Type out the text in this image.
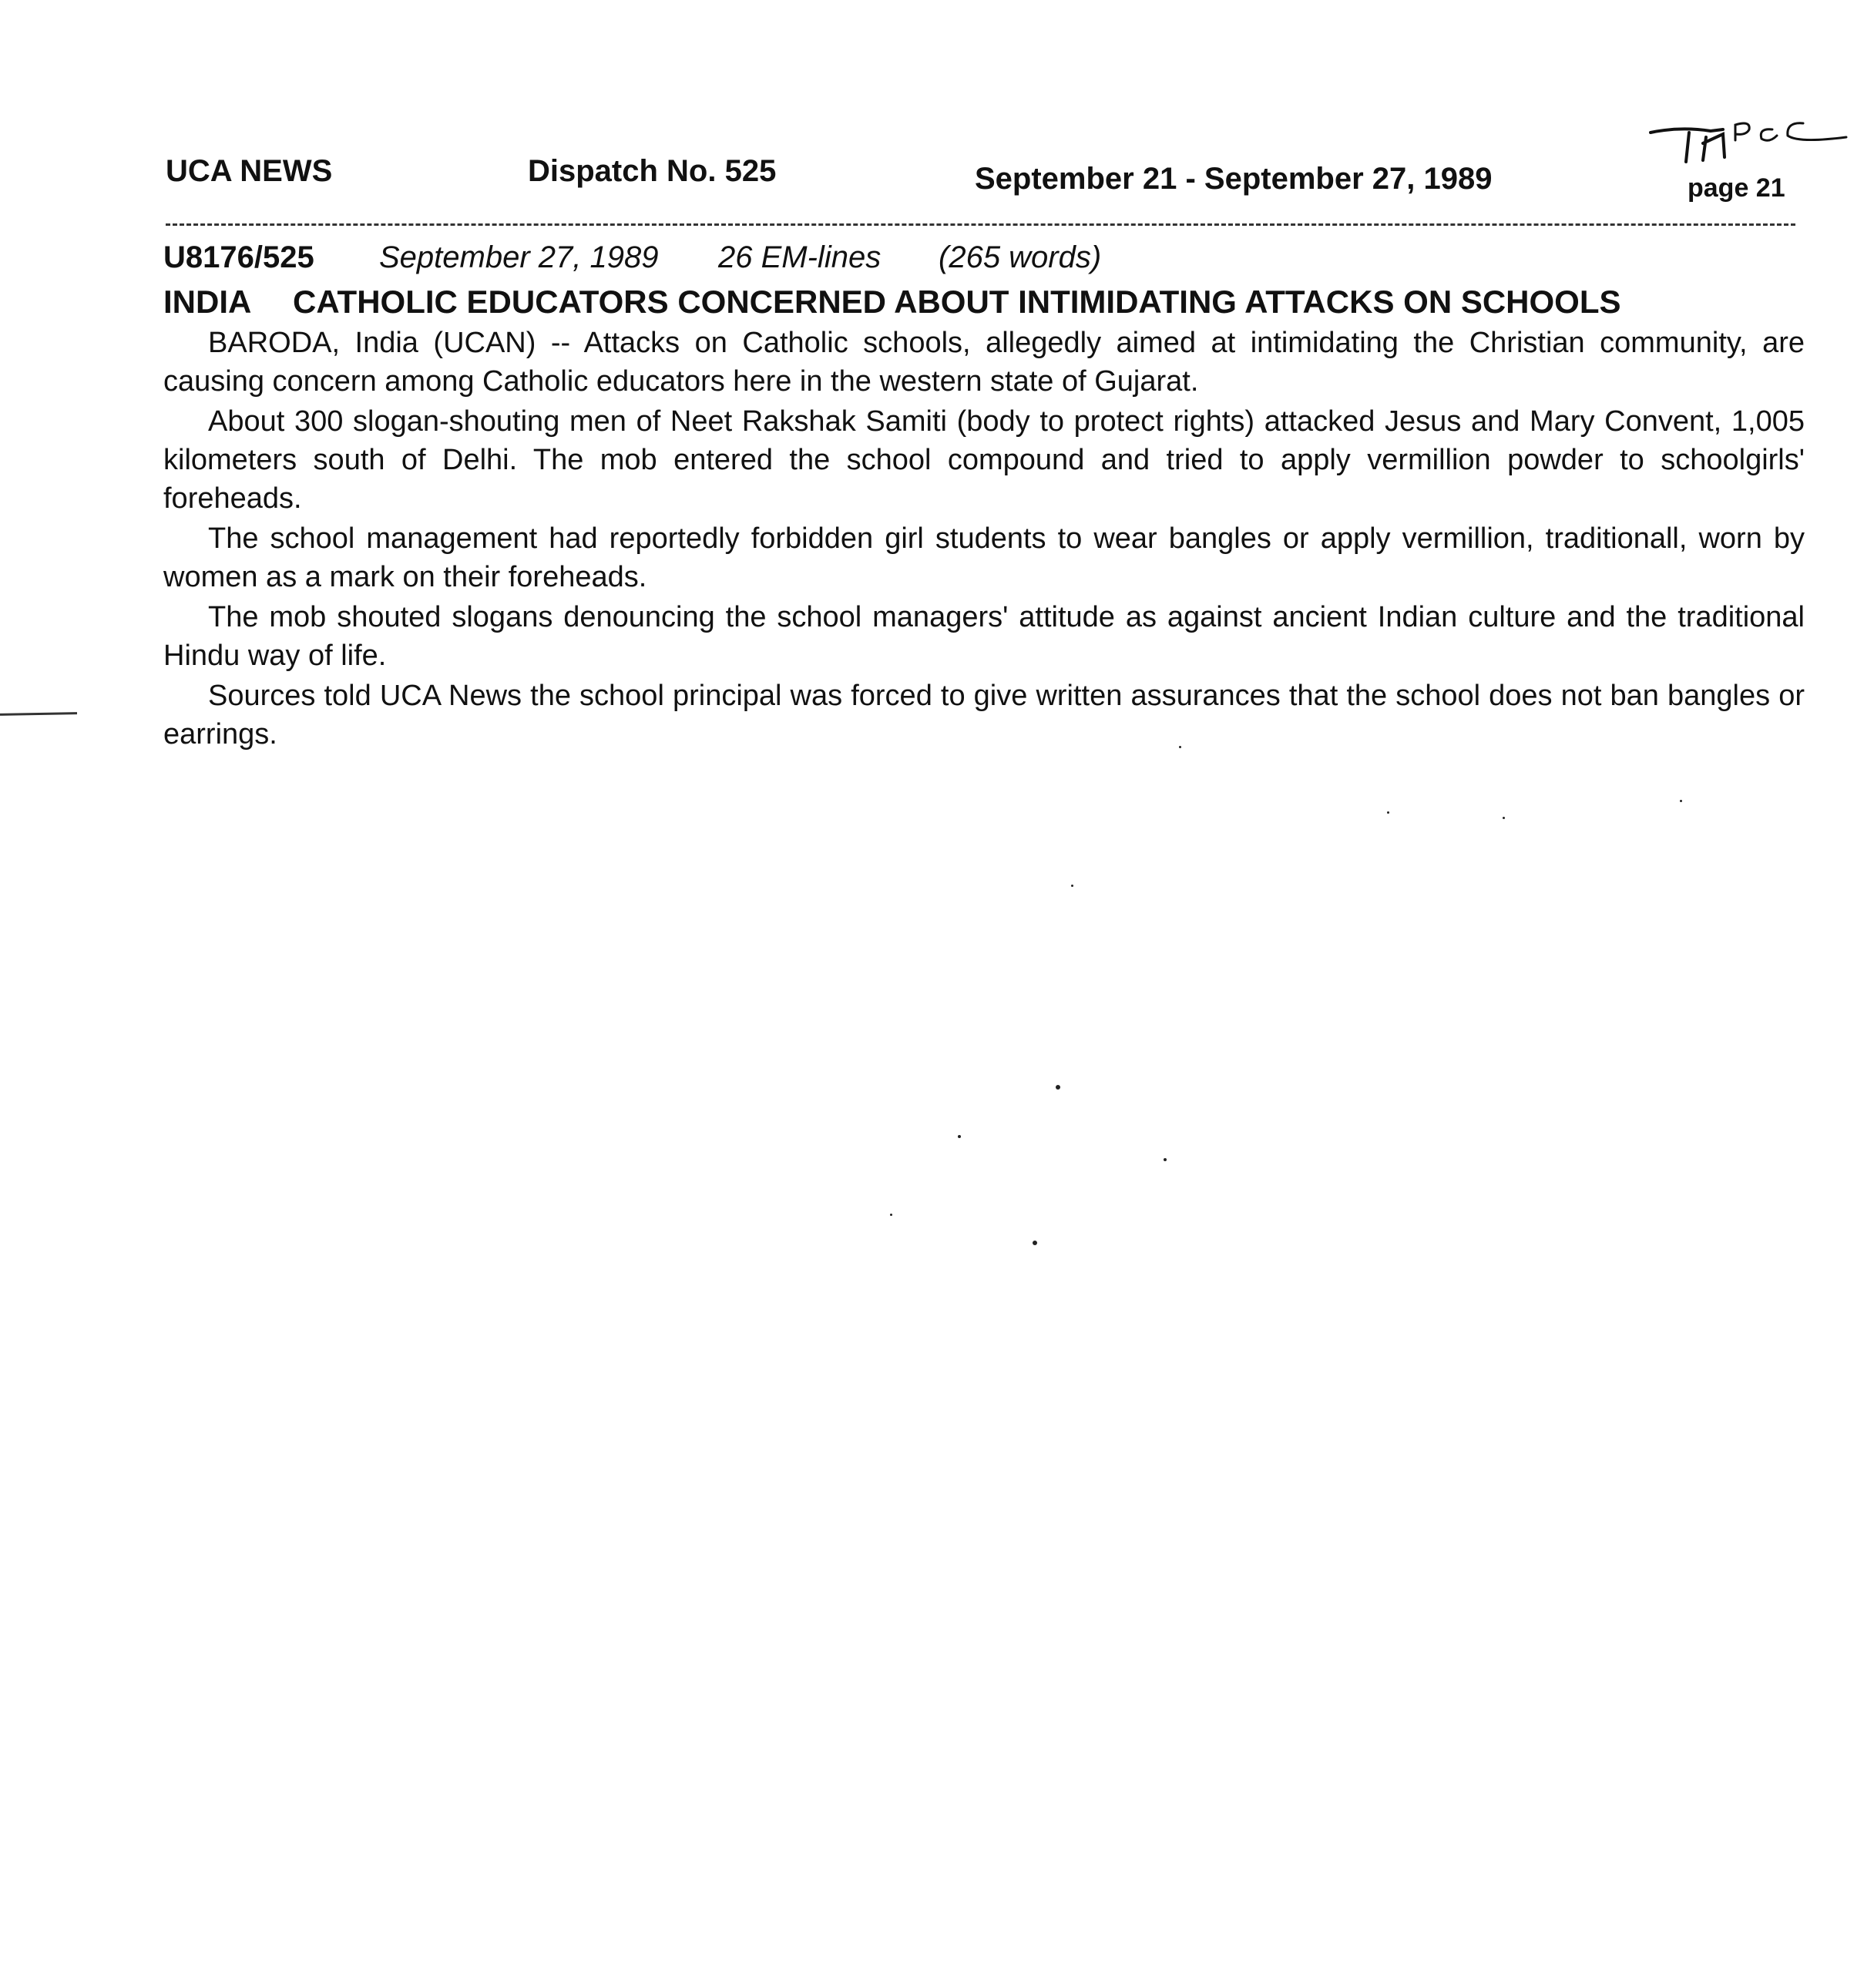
UCA NEWS	Dispatch No. 525	September 21 - September 27, 1989	page 21
U8176/525 September 27, 1989 26 EM-lines (265 words)
INDIA CATHOLIC EDUCATORS CONCERNED ABOUT INTIMIDATING ATTACKS ON SCHOOLS

BARODA, India (UCAN) -- Attacks on Catholic schools, allegedly aimed at intimidating the Christian community, are causing concern among Catholic educators here in the western state of Gujarat.

About 300 slogan-shouting men of Neet Rakshak Samiti (body to protect rights) attacked Jesus and Mary Convent, 1,005 kilometers south of Delhi. The mob entered the school compound and tried to apply vermillion powder to schoolgirls' foreheads.

The school management had reportedly forbidden girl students to wear bangles or apply vermillion, traditionall, worn by women as a mark on their foreheads.

The mob shouted slogans denouncing the school managers' attitude as against ancient Indian culture and the traditional Hindu way of life.

Sources told UCA News the school principal was forced to give written assurances that the school does not ban bangles or earrings.
